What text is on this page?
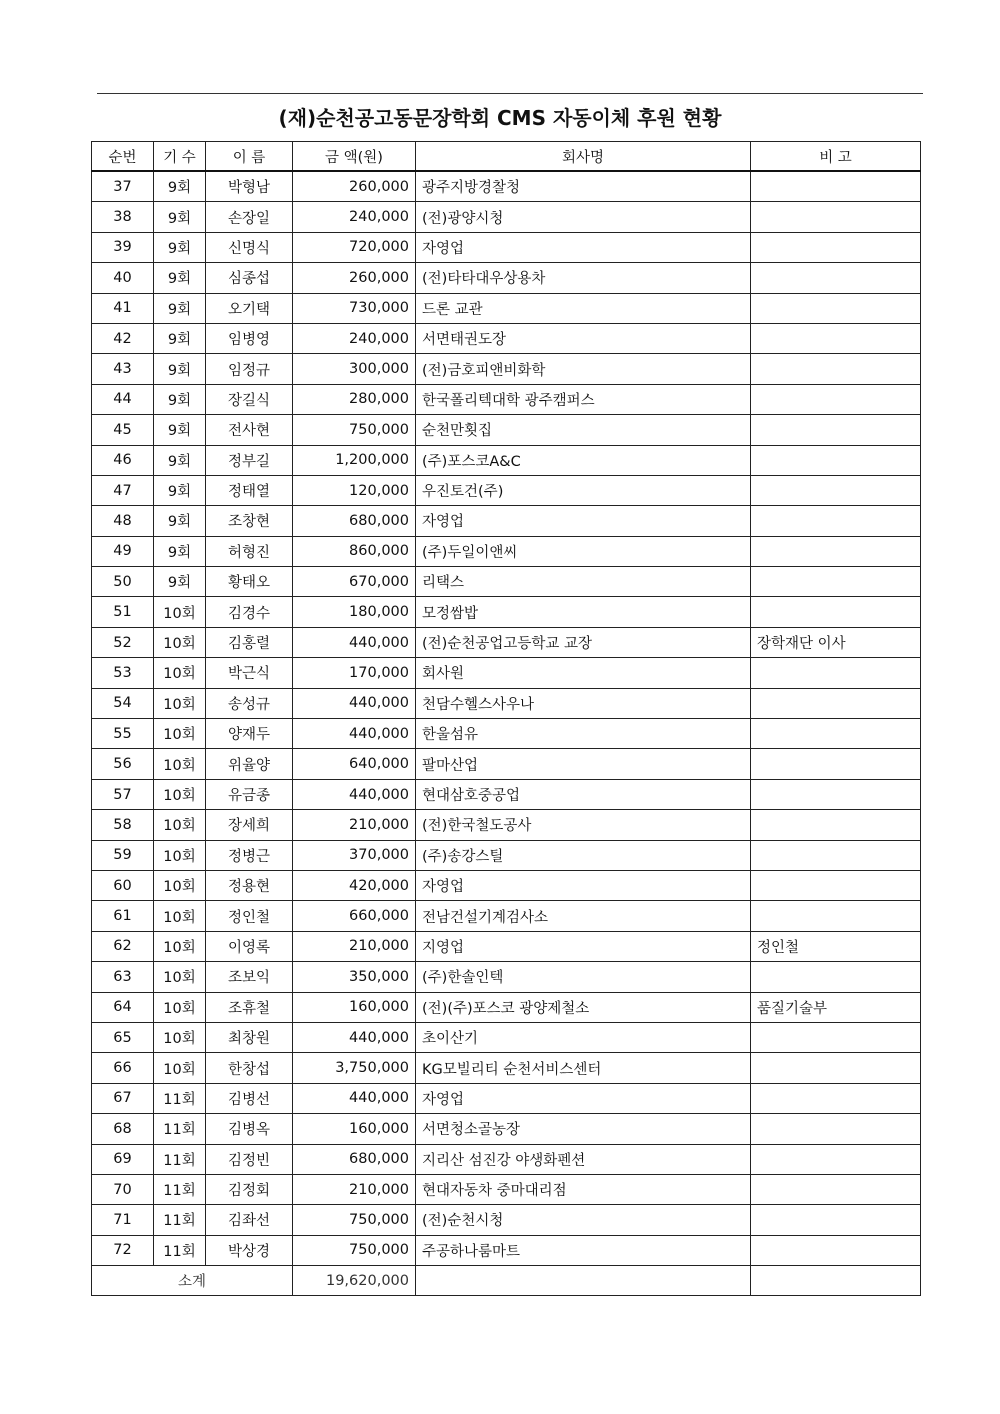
(재)순천공고동문장학회 CMS 자동이체 후원 현황
순번	기 수	이 름	금 액(원)	회사명	비 고
37	9회	박형남	260,000	광주지방경찰청	
38	9회	손장일	240,000	(전)광양시청	
39	9회	신명식	720,000	자영업	
40	9회	심종섭	260,000	(전)타타대우상용차	
41	9회	오기택	730,000	드론 교관	
42	9회	임병영	240,000	서면태권도장	
43	9회	임정규	300,000	(전)금호피앤비화학	
44	9회	장길식	280,000	한국폴리텍대학 광주캠퍼스	
45	9회	전사현	750,000	순천만횟집	
46	9회	정부길	1,200,000	(주)포스코A&C	
47	9회	정태열	120,000	우진토건(주)	
48	9회	조창현	680,000	자영업	
49	9회	허형진	860,000	(주)두일이앤씨	
50	9회	황태오	670,000	리택스	
51	10회	김경수	180,000	모정쌈밥	
52	10회	김홍렬	440,000	(전)순천공업고등학교 교장	장학재단 이사
53	10회	박근식	170,000	회사원	
54	10회	송성규	440,000	천담수헬스사우나	
55	10회	양재두	440,000	한울섬유	
56	10회	위율양	640,000	팔마산업	
57	10회	유금종	440,000	현대삼호중공업	
58	10회	장세희	210,000	(전)한국철도공사	
59	10회	정병근	370,000	(주)송강스틸	
60	10회	정용현	420,000	자영업	
61	10회	정인철	660,000	전남건설기계검사소	
62	10회	이영록	210,000	지영업	정인철
63	10회	조보익	350,000	(주)한솔인텍	
64	10회	조휴철	160,000	(전)(주)포스코 광양제철소	품질기술부
65	10회	최창원	440,000	초이산기	
66	10회	한창섭	3,750,000	KG모빌리티 순천서비스센터	
67	11회	김병선	440,000	자영업	
68	11회	김병옥	160,000	서면청소골농장	
69	11회	김정빈	680,000	지리산 섬진강 야생화펜션	
70	11회	김정회	210,000	현대자동차 중마대리점	
71	11회	김좌선	750,000	(전)순천시청	
72	11회	박상경	750,000	주공하나룸마트	
소계			19,620,000		
